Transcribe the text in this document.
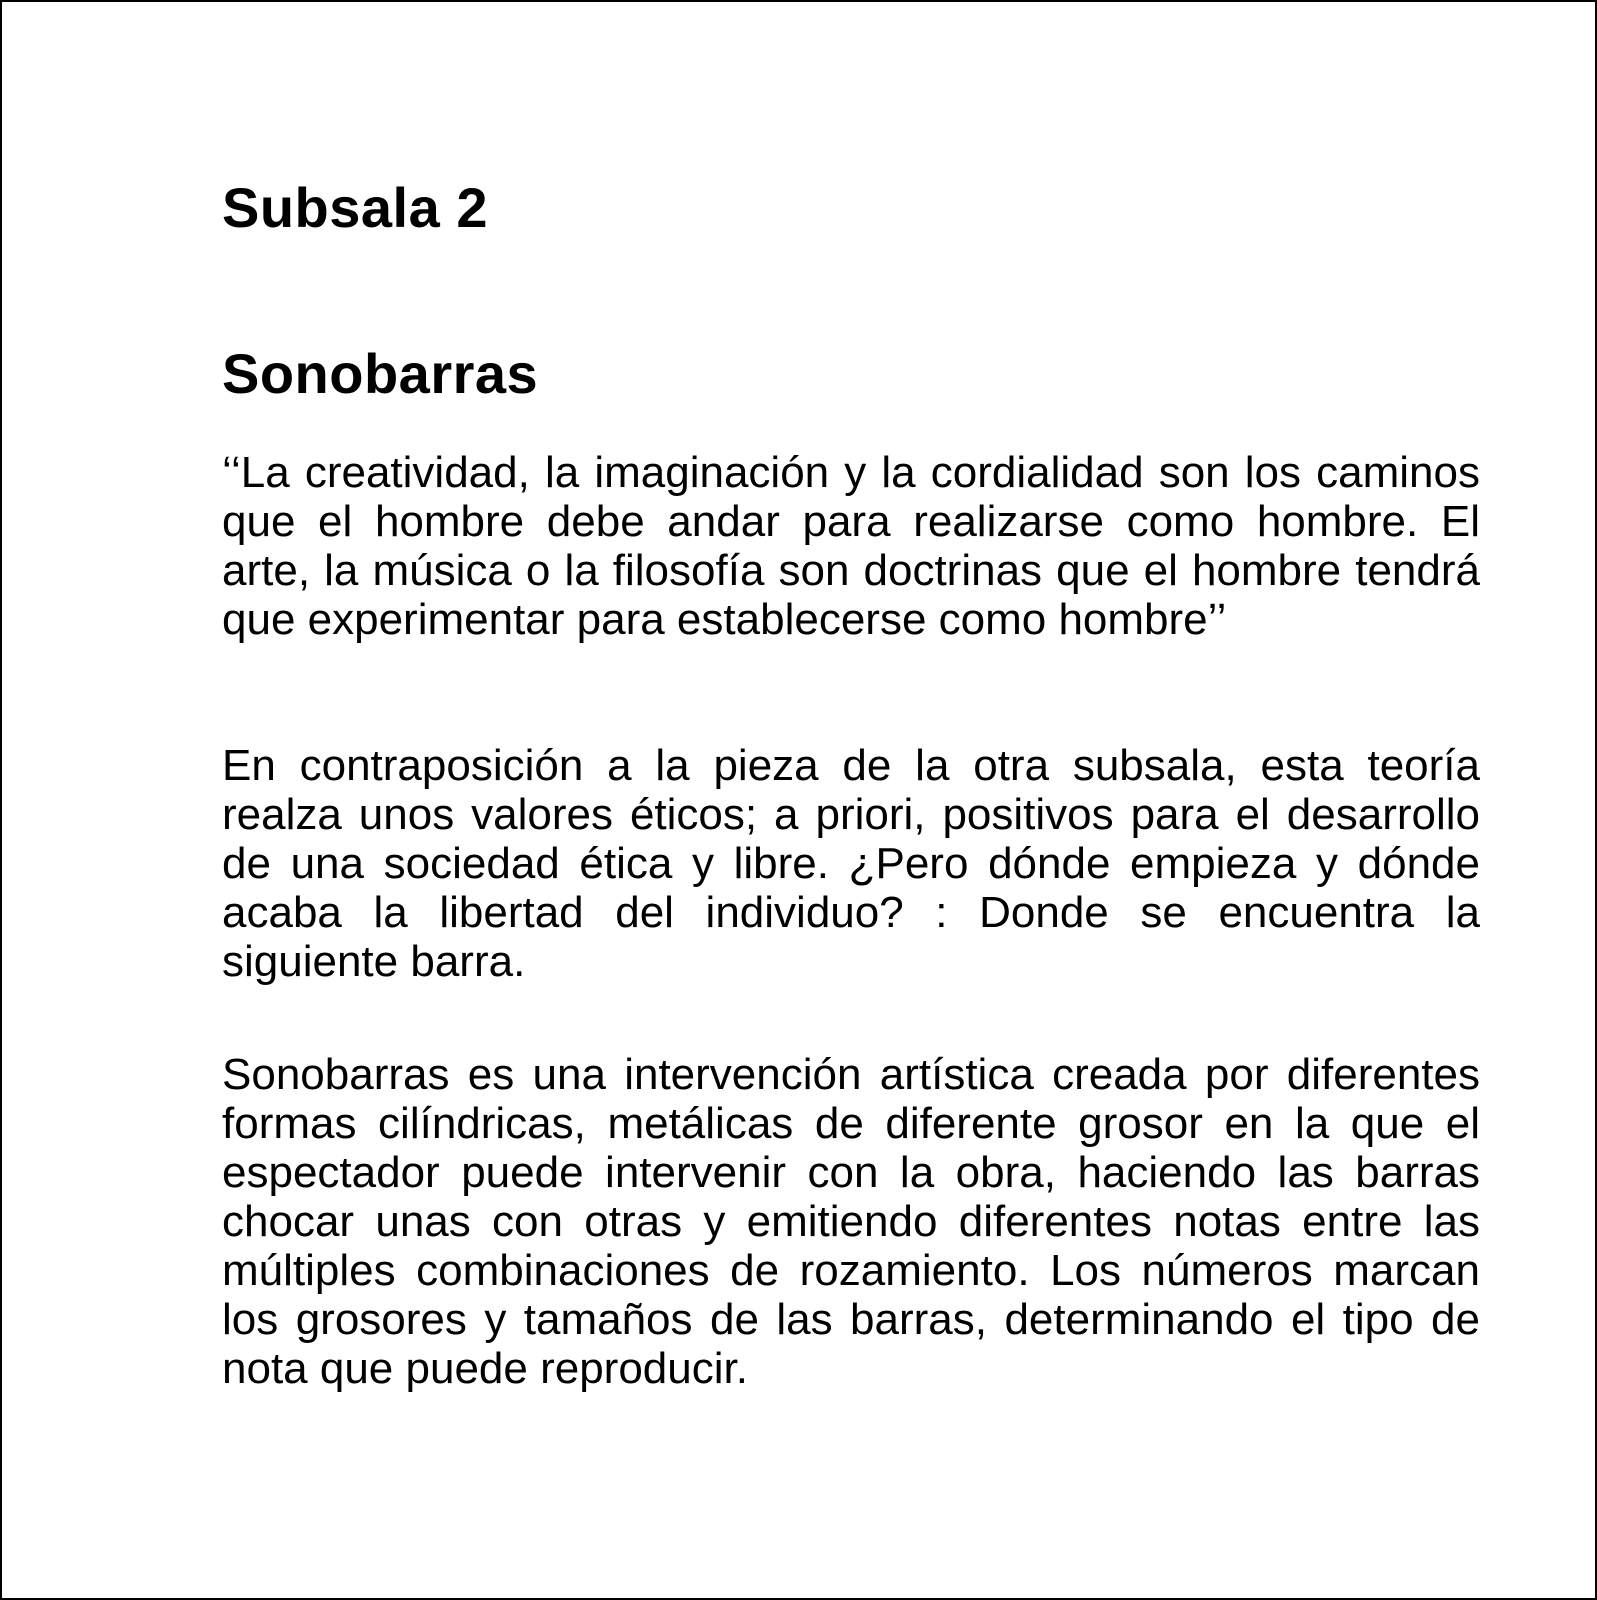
Subsala 2
Sonobarras

‘‘La creatividad, la imaginación y la cordialidad son los caminos que el hombre debe andar para realizarse como hombre. El arte, la música o la filosofía son doctrinas que el hombre tendrá que experimentar para establecerse como hombre’’

En contraposición a la pieza de la otra subsala, esta teoría realza unos valores éticos; a priori, positivos para el desarrollo de una sociedad ética y libre. ¿Pero dónde empieza y dónde acaba la libertad del individuo? : Donde se encuentra la siguiente barra.

Sonobarras es una intervención artística creada por diferentes formas cilíndricas, metálicas de diferente grosor en la que el espectador puede intervenir con la obra, haciendo las barras chocar unas con otras y emitiendo diferentes notas entre las múltiples combinaciones de rozamiento. Los números marcan los grosores y tamaños de las barras, determinando el tipo de nota que puede reproducir.
